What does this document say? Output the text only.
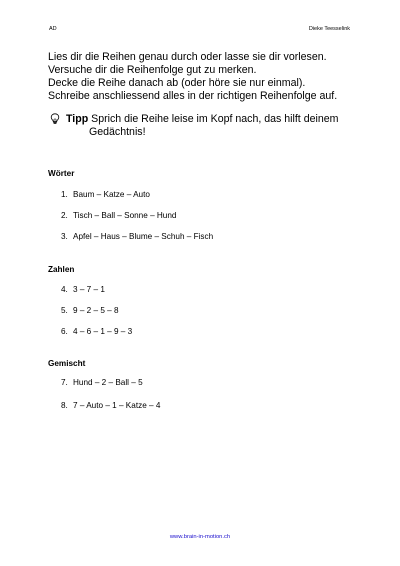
AD	Dieke Teesselink
Lies dir die Reihen genau durch oder lasse sie dir vorlesen.
Versuche dir die Reihenfolge gut zu merken.
Decke die Reihe danach ab (oder höre sie nur einmal).
Schreibe anschliessend alles in der richtigen Reihenfolge auf.
Tipp Sprich die Reihe leise im Kopf nach, das hilft deinem
Gedächtnis!
Wörter
1. Baum – Katze – Auto
2. Tisch – Ball – Sonne – Hund
3. Apfel – Haus – Blume – Schuh – Fisch
Zahlen
4. 3 – 7 – 1
5. 9 – 2 – 5 – 8
6. 4 – 6 – 1 – 9 – 3
Gemischt
7. Hund – 2 – Ball – 5
8. 7 – Auto – 1 – Katze – 4
www.brain-in-motion.ch
